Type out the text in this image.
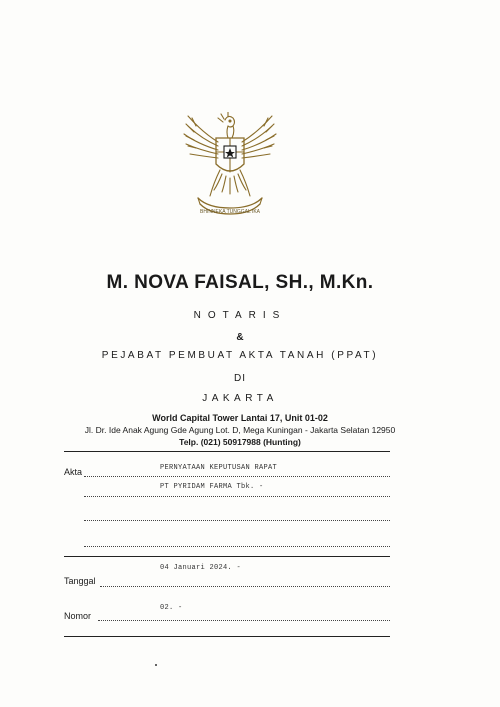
BHINNEKA TUNGGAL IKA
M. NOVA FAISAL, SH., M.Kn.
NOTARIS
&
PEJABAT PEMBUAT AKTA TANAH (PPAT)
DI
JAKARTA
World Capital Tower Lantai 17, Unit 01-02
Jl. Dr. Ide Anak Agung Gde Agung Lot. D, Mega Kuningan - Jakarta Selatan 12950
Telp. (021) 50917988 (Hunting)
Akta	PERNYATAAN KEPUTUSAN RAPAT
PT PYRIDAM FARMA Tbk. -
04 Januari 2024. -
Tanggal
02. -
Nomor
